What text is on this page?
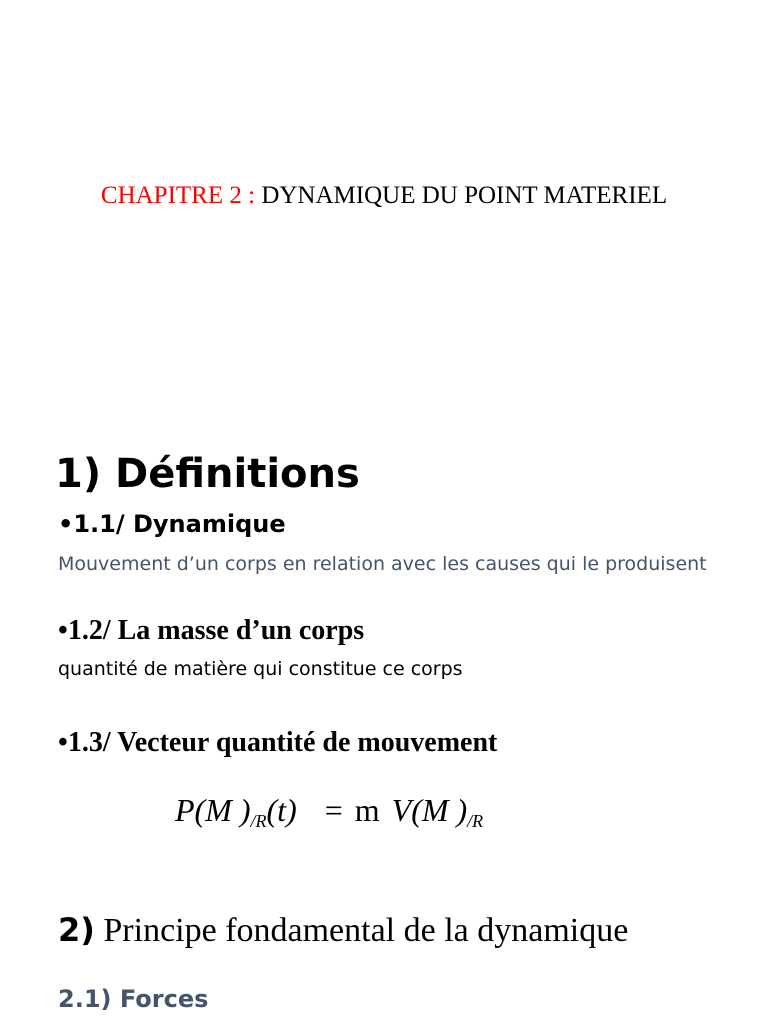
CHAPITRE 2 : DYNAMIQUE DU POINT MATERIEL
1) Définitions
•1.1/ Dynamique
Mouvement d’un corps en relation avec les causes qui le produisent
•1.2/ La masse d’un corps
quantité de matière qui constitue ce corps
•1.3/ Vecteur quantité de mouvement
P(M )$_{/R}(t) = m$ V(M )$_{/R}$
2) Principe fondamental de la dynamique
2.1) Forces
